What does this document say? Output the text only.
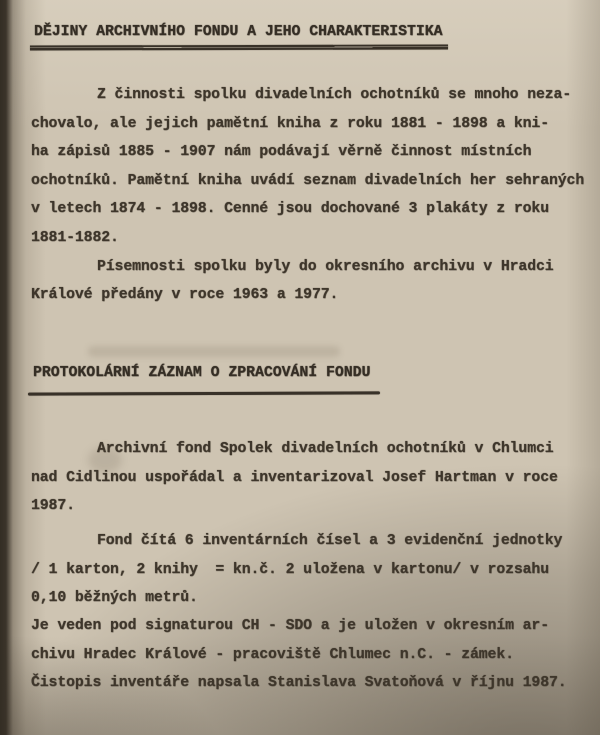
DĚJINY ARCHIVNÍHO FONDU A JEHO CHARAKTERISTIKA
Z činnosti spolku divadelních ochotníků se mnoho neza-
chovalo, ale jejich pamětní kniha z roku 1881 - 1898 a kni-
ha zápisů 1885 - 1907 nám podávají věrně činnost místních
ochotníků. Pamětní kniha uvádí seznam divadelních her sehraných
v letech 1874 - 1898. Cenné jsou dochované 3 plakáty z roku
1881-1882.
Písemnosti spolku byly do okresního archivu v Hradci
Králové předány v roce 1963 a 1977.
PROTOKOLÁRNÍ ZÁZNAM O ZPRACOVÁNÍ FONDU
Archivní fond Spolek divadelních ochotníků v Chlumci
nad Cidlinou uspořádal a inventarizoval Josef Hartman v roce
1987.
Fond čítá 6 inventárních čísel a 3 evidenční jednotky
/ 1 karton, 2 knihy  = kn.č. 2 uložena v kartonu/ v rozsahu
0,10 běžných metrů.
Je veden pod signaturou CH - SDO a je uložen v okresním ar-
chivu Hradec Králové - pracoviště Chlumec n.C. - zámek.
Čistopis inventáře napsala Stanislava Svatoňová v říjnu 1987.
